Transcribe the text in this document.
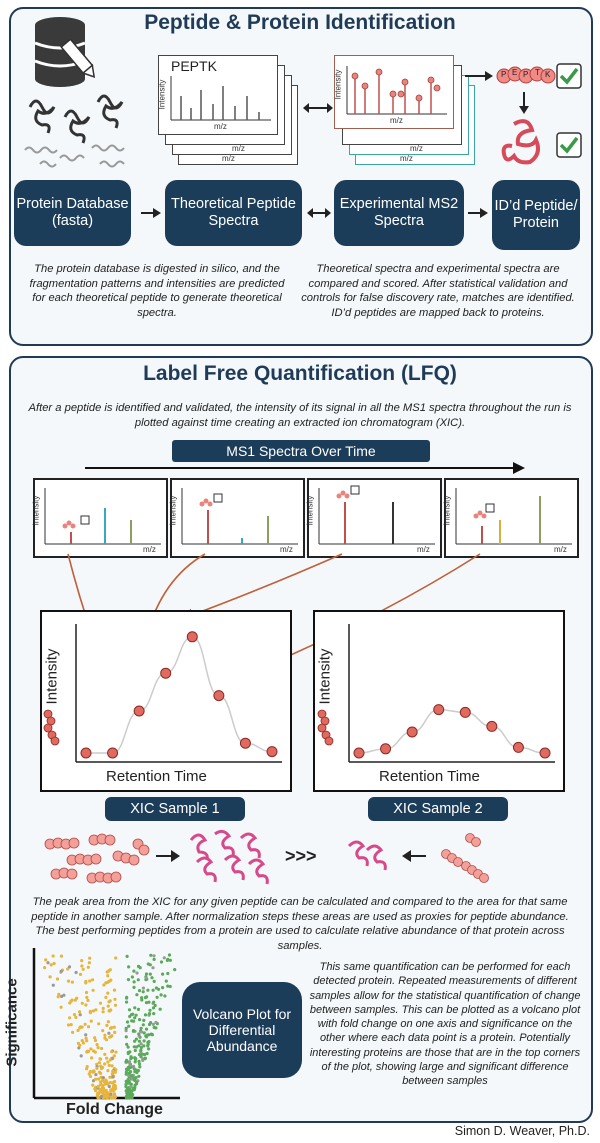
Peptide & Protein Identification
PEPTK
Intensity
m/z
m/z
m/z
Intensity
m/z
m/z
m/z
P E P T K
Protein Database (fasta)
Theoretical Peptide Spectra
Experimental MS2 Spectra
ID’d Peptide/ Protein
The protein database is digested in silico, and the fragmentation patterns and intensities are predicted for each theoretical peptide to generate theoretical spectra.
Theoretical spectra and experimental spectra are compared and scored. After statistical validation and controls for false discovery rate, matches are identified. ID’d peptides are mapped back to proteins.
Label Free Quantification (LFQ)
After a peptide is identified and validated, the intensity of its signal in all the MS1 spectra throughout the run is plotted against time creating an extracted ion chromatogram (XIC).
MS1 Spectra Over Time
Intensity
m/z
Intensity
m/z
Intensity
m/z
Intensity
m/z
Intensity
Retention Time
Intensity
Retention Time
XIC Sample 1	XIC Sample 2
>>>
The peak area from the XIC for any given peptide can be calculated and compared to the area for that same peptide in another sample. After normalization steps these areas are used as proxies for peptide abundance. The best performing peptides from a protein are used to calculate relative abundance of that protein across samples.
Significance
Fold Change
Volcano Plot for Differential Abundance
This same quantification can be performed for each detected protein. Repeated measurements of different samples allow for the statistical quantification of change between samples. This can be plotted as a volcano plot with fold change on one axis and significance on the other where each data point is a protein. Potentially interesting proteins are those that are in the top corners of the plot, showing large and significant difference between samples
Simon D. Weaver, Ph.D.
